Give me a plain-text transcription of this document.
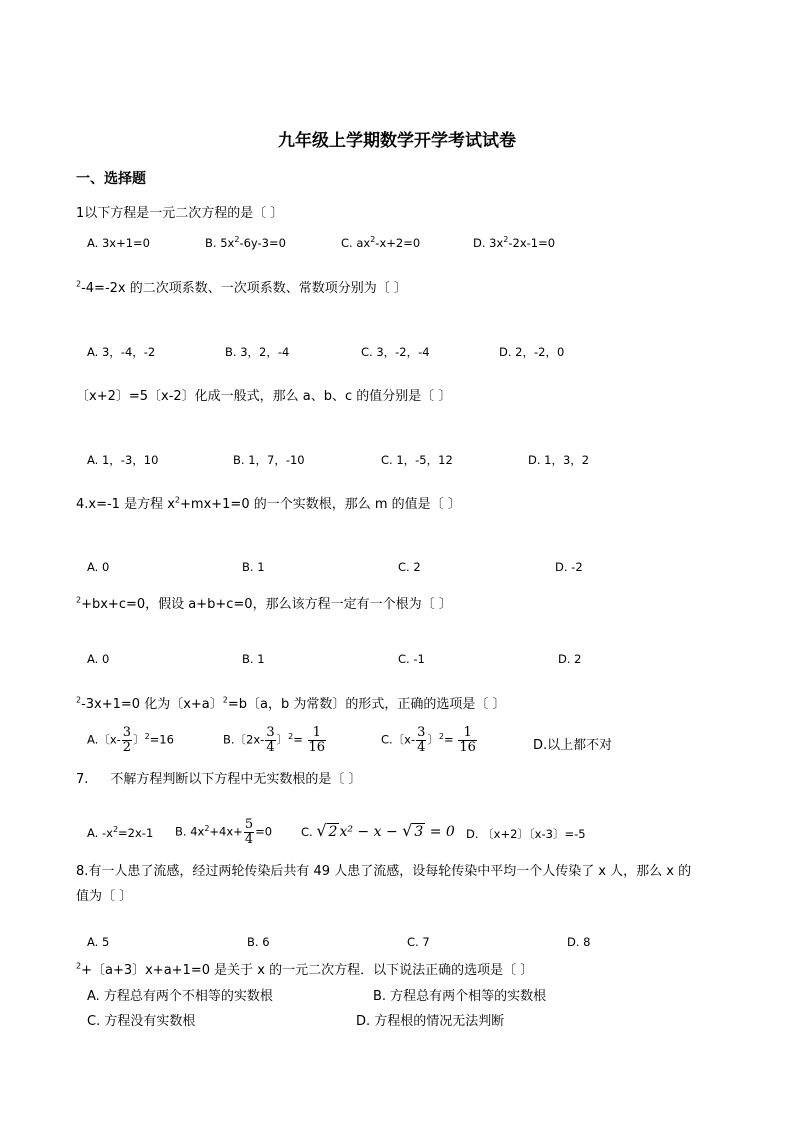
九年级上学期数学开学考试试卷
一、选择题
1以下方程是一元二次方程的是〔 〕
A. 3x+1=0	B. $5x^2-6y-3=0$	C. $ax^2-x+2=0$	D. $3x^2-2x-1=0$
$^2$-4=-2x 的二次项系数、一次项系数、常数项分别为〔 〕
A. 3，-4，-2	B. 3，2，-4	C. 3，-2，-4	D. 2，-2，0
〔x+2〕=5〔x-2〕化成一般式，那么 a、b、c 的值分别是〔 〕
A. 1，-3，10	B. 1，7，-10	C. 1，-5，12	D. 1，3，2
4.x=-1 是方程 $x^2+mx+1=0$ 的一个实数根，那么 m 的值是〔 〕
A. 0	B. 1	C. 2	D. -2
$^2$+bx+c=0，假设 a+b+c=0，那么该方程一定有一个根为〔 〕
A. 0	B. 1	C. -1	D. 2
$^2$-3x+1=0 化为〔x+a〕$^2$=b〔a，b 为常数〕的形式，正确的选项是〔 〕
A.〔$x- \frac{3}{2}$ 〕$^2$=16	B.〔$2x- \frac{3}{4}$ 〕$^2= \frac{1}{16}$	C.〔$x- \frac{3}{4}$ 〕$^2= \frac{1}{16}$	D.以上都不对
7. 不解方程判断以下方程中无实数根的是〔 〕
A. $-x^2=2x-1$ B. $4x^2+4x+ \frac{5}{4} =0$	C. √ 2 x² − x − √ 3 = 0 D. 〔x+2〕〔x-3〕=-5
8.有一人患了流感，经过两轮传染后共有 49 人患了流感，设每轮传染中平均一个人传染了 x 人，那么 x 的
值为〔 〕
A. 5	B. 6	C. 7	D. 8
$^2$+〔a+3〕x+a+1=0 是关于 x 的一元二次方程．以下说法正确的选项是〔 〕
A. 方程总有两个不相等的实数根	B. 方程总有两个相等的实数根
C. 方程没有实数根	D. 方程根的情况无法判断
